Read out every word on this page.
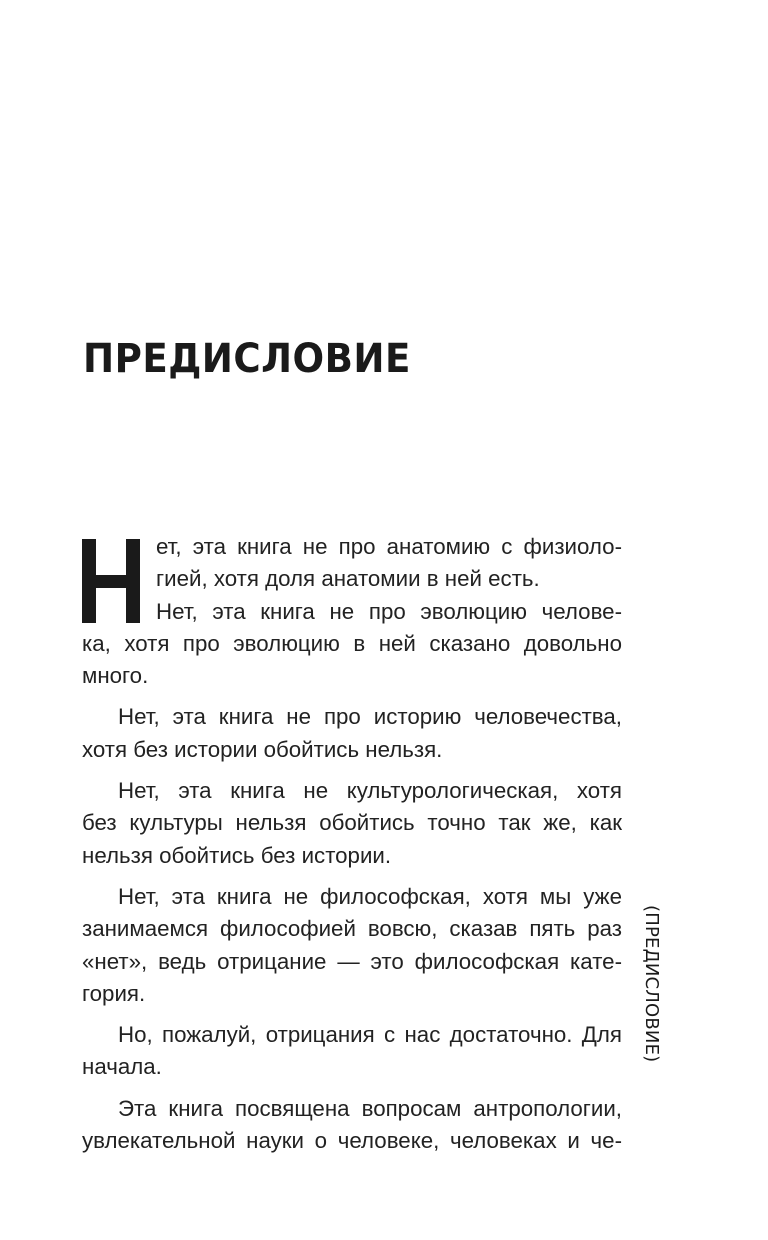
ПРЕДИСЛОВИЕ
ет, эта книга не про анатомию с физиоло-
гией, хотя доля анатомии в ней есть.
Нет, эта книга не про эволюцию челове-
ка, хотя про эволюцию в ней сказано довольно
много.
Нет, эта книга не про историю человечества,
хотя без истории обойтись нельзя.
Нет, эта книга не культурологическая, хотя
без культуры нельзя обойтись точно так же, как
нельзя обойтись без истории.
Нет, эта книга не философская, хотя мы уже
занимаемся философией вовсю, сказав пять раз
«нет», ведь отрицание — это философская кате-
гория.
Но, пожалуй, отрицания с нас достаточно. Для
начала.
Эта книга посвящена вопросам антропологии,
увлекательной науки о человеке, человеках и че-
(ПРЕДИСЛОВИЕ)
